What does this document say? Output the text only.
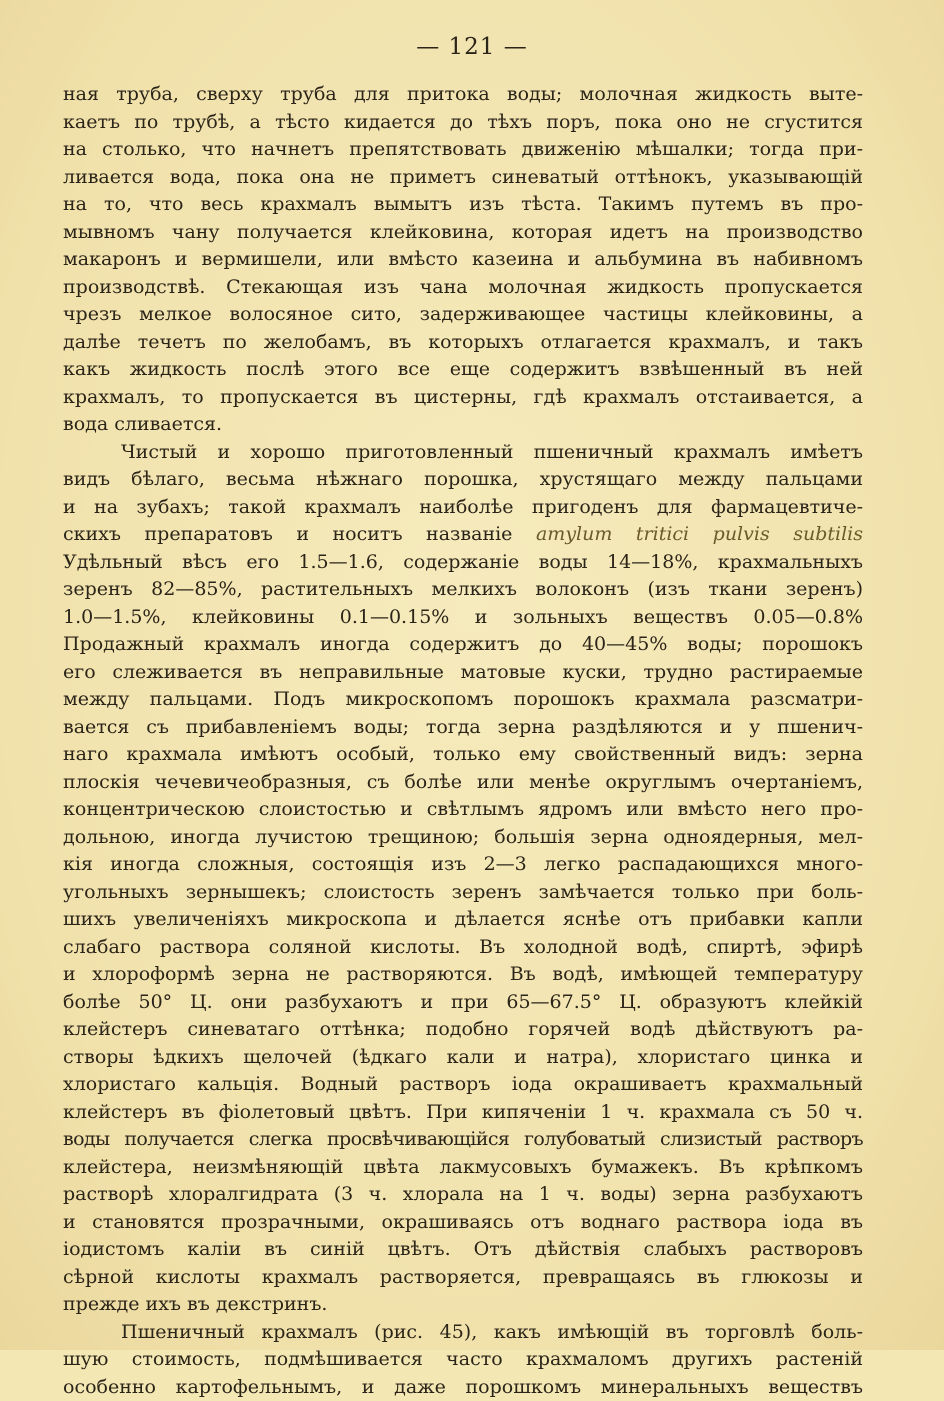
— 121 —
ная труба, сверху труба для притока воды; молочная жидкость выте-
каетъ по трубѣ, а тѣсто кидается до тѣхъ поръ, пока оно не сгустится
на столько, что начнетъ препятствовать движенiю мѣшалки; тогда при-
ливается вода, пока она не приметъ синеватый оттѣнокъ, указывающiй
на то, что весь крахмалъ вымытъ изъ тѣста. Такимъ путемъ въ про-
мывномъ чану получается клейковина, которая идетъ на производство
макаронъ и вермишели, или вмѣсто казеина и альбумина въ набивномъ
производствѣ. Стекающая изъ чана молочная жидкость пропускается
чрезъ мелкое волосяное сито, задерживающее частицы клейковины, а
далѣе течетъ по желобамъ, въ которыхъ отлагается крахмалъ, и такъ
какъ жидкость послѣ этого все еще содержитъ взвѣшенный въ ней
крахмалъ, то пропускается въ цистерны, гдѣ крахмалъ отстаивается, а
вода сливается.
Чистый и хорошо приготовленный пшеничный крахмалъ имѣетъ
видъ бѣлаго, весьма нѣжнаго порошка, хрустящаго между пальцами
и на зубахъ; такой крахмалъ наиболѣе пригоденъ для фармацевтиче-
скихъ препаратовъ и носитъ названiе amylum tritici pulvis subtilis
Удѣльный вѣсъ его 1.5—1.6, содержанiе воды 14—18%, крахмальныхъ
зеренъ 82—85%, растительныхъ мелкихъ волоконъ (изъ ткани зеренъ)
1.0—1.5%, клейковины 0.1—0.15% и зольныхъ веществъ 0.05—0.8%
Продажный крахмалъ иногда содержитъ до 40—45% воды; порошокъ
его слеживается въ неправильные матовые куски, трудно растираемые
между пальцами. Подъ микроскопомъ порошокъ крахмала разсматри-
вается съ прибавленiемъ воды; тогда зерна раздѣляются и у пшенич-
наго крахмала имѣютъ особый, только ему свойственный видъ: зерна
плоскiя чечевичеобразныя, съ болѣе или менѣе округлымъ очертанiемъ,
концентрическою слоистостью и свѣтлымъ ядромъ или вмѣсто него про-
дольною, иногда лучистою трещиною; большiя зерна одноядерныя, мел-
кiя иногда сложныя, состоящiя изъ 2—3 легко распадающихся много-
угольныхъ зернышекъ; слоистость зеренъ замѣчается только при боль-
шихъ увеличенiяхъ микроскопа и дѣлается яснѣе отъ прибавки капли
слабаго раствора соляной кислоты. Въ холодной водѣ, спиртѣ, эфирѣ
и хлороформѣ зерна не растворяются. Въ водѣ, имѣющей температуру
болѣе 50° Ц. они разбухаютъ и при 65—67.5° Ц. образуютъ клейкiй
клейстеръ синеватаго оттѣнка; подобно горячей водѣ дѣйствуютъ ра-
створы ѣдкихъ щелочей (ѣдкаго кали и натра), хлористаго цинка и
хлористаго кальцiя. Водный растворъ iода окрашиваетъ крахмальный
клейстеръ въ фiолетовый цвѣтъ. При кипяченiи 1 ч. крахмала съ 50 ч.
воды получается слегка просвѣчивающiйся голубоватый слизистый растворъ
клейстера, неизмѣняющiй цвѣта лакмусовыхъ бумажекъ. Въ крѣпкомъ
растворѣ хлоралгидрата (3 ч. хлорала на 1 ч. воды) зерна разбухаютъ
и становятся прозрачными, окрашиваясь отъ воднаго раствора iода въ
iодистомъ калiи въ синiй цвѣтъ. Отъ дѣйствiя слабыхъ растворовъ
сѣрной кислоты крахмалъ растворяется, превращаясь въ глюкозы и
прежде ихъ въ декстринъ.
Пшеничный крахмалъ (рис. 45), какъ имѣющiй въ торговлѣ боль-
шую стоимость, подмѣшивается часто крахмаломъ другихъ растенiй
особенно картофельнымъ, и даже порошкомъ минеральныхъ веществъ
